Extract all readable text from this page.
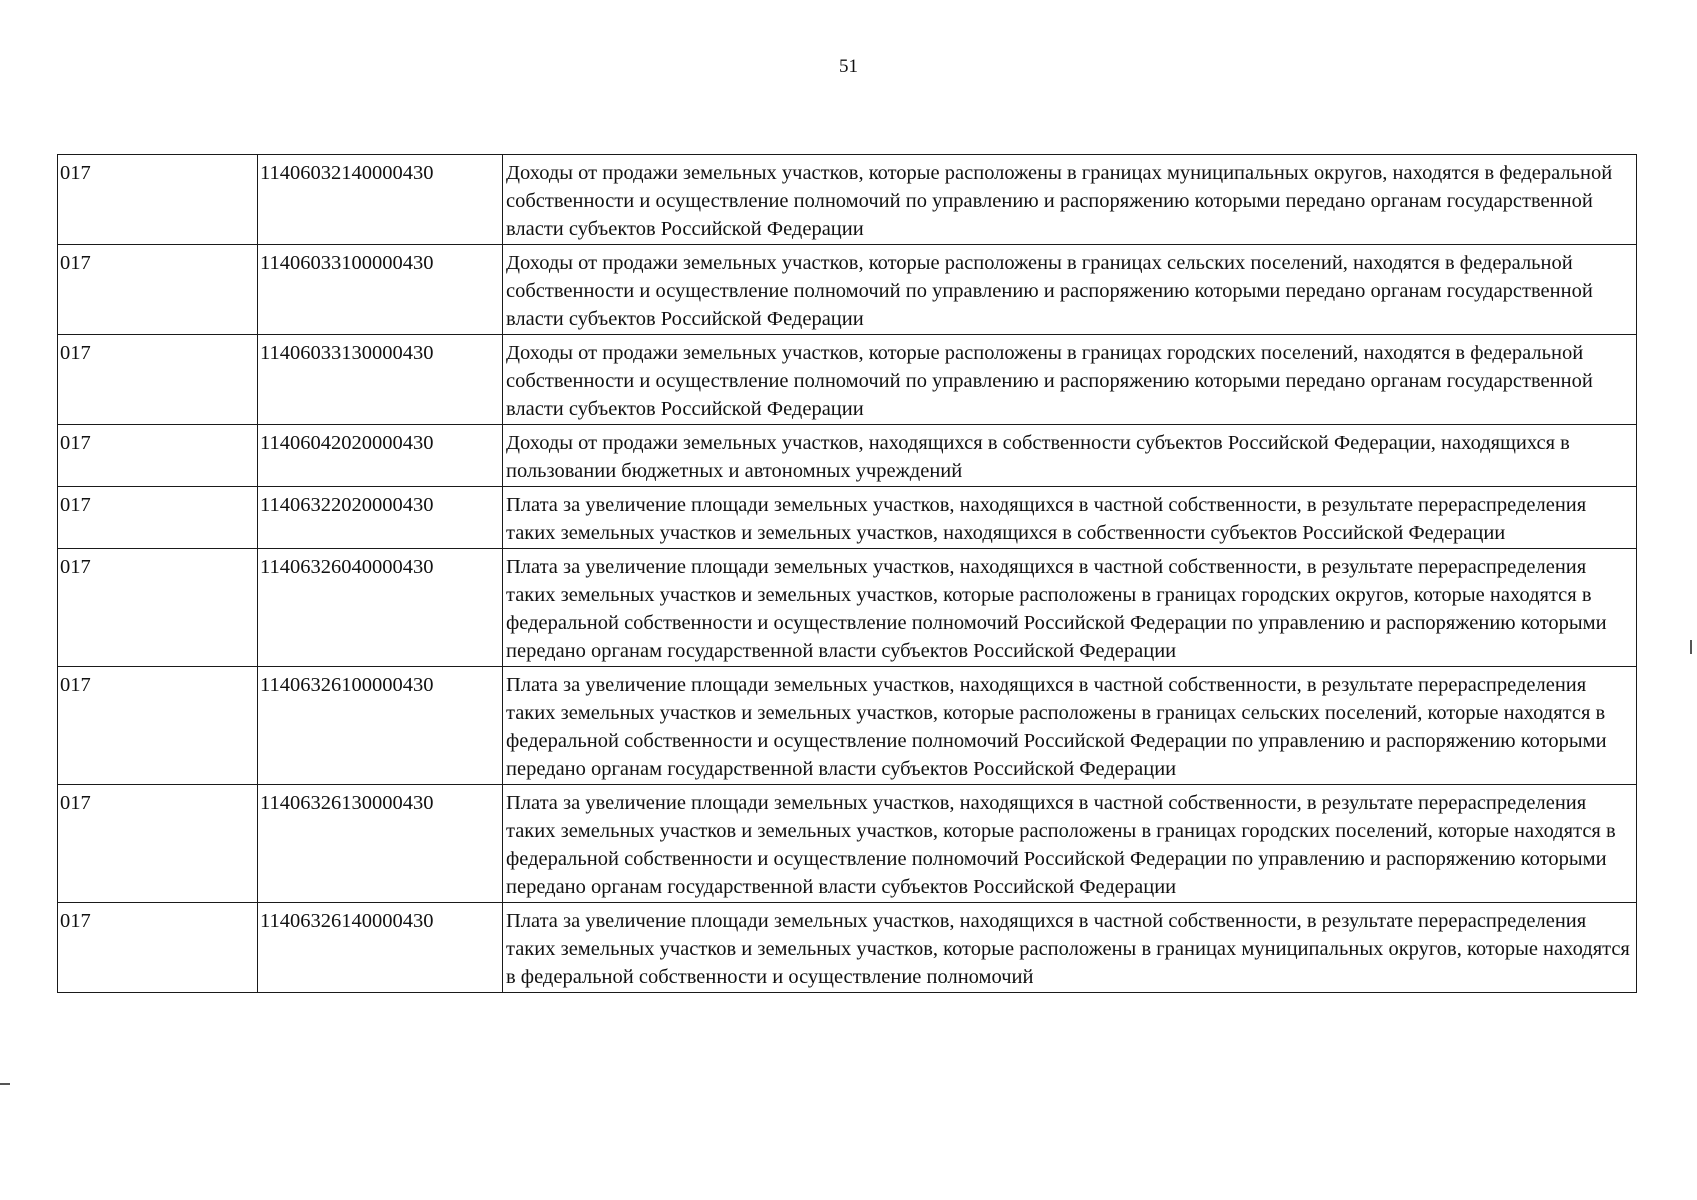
51
017	11406032140000430	Доходы от продажи земельных участков, которые расположены в границах муниципальных округов, находятся в федеральной собственности и осуществление полномочий по управлению и распоряжению которыми передано органам государственной власти субъектов Российской Федерации
017	11406033100000430	Доходы от продажи земельных участков, которые расположены в границах сельских поселений, находятся в федеральной собственности и осуществление полномочий по управлению и распоряжению которыми передано органам государственной власти субъектов Российской Федерации
017	11406033130000430	Доходы от продажи земельных участков, которые расположены в границах городских поселений, находятся в федеральной собственности и осуществление полномочий по управлению и распоряжению которыми передано органам государственной власти субъектов Российской Федерации
017	11406042020000430	Доходы от продажи земельных участков, находящихся в собственности субъектов Российской Федерации, находящихся в пользовании бюджетных и автономных учреждений
017	11406322020000430	Плата за увеличение площади земельных участков, находящихся в частной собственности, в результате перераспределения таких земельных участков и земельных участков, находящихся в собственности субъектов Российской Федерации
017	11406326040000430	Плата за увеличение площади земельных участков, находящихся в частной собственности, в результате перераспределения таких земельных участков и земельных участков, которые расположены в границах городских округов, которые находятся в федеральной собственности и осуществление полномочий Российской Федерации по управлению и распоряжению которыми передано органам государственной власти субъектов Российской Федерации
017	11406326100000430	Плата за увеличение площади земельных участков, находящихся в частной собственности, в результате перераспределения таких земельных участков и земельных участков, которые расположены в границах сельских поселений, которые находятся в федеральной собственности и осуществление полномочий Российской Федерации по управлению и распоряжению которыми передано органам государственной власти субъектов Российской Федерации
017	11406326130000430	Плата за увеличение площади земельных участков, находящихся в частной собственности, в результате перераспределения таких земельных участков и земельных участков, которые расположены в границах городских поселений, которые находятся в федеральной собственности и осуществление полномочий Российской Федерации по управлению и распоряжению которыми передано органам государственной власти субъектов Российской Федерации
017	11406326140000430	Плата за увеличение площади земельных участков, находящихся в частной собственности, в результате перераспределения таких земельных участков и земельных участков, которые расположены в границах муниципальных округов, которые находятся в федеральной собственности и осуществление полномочий
